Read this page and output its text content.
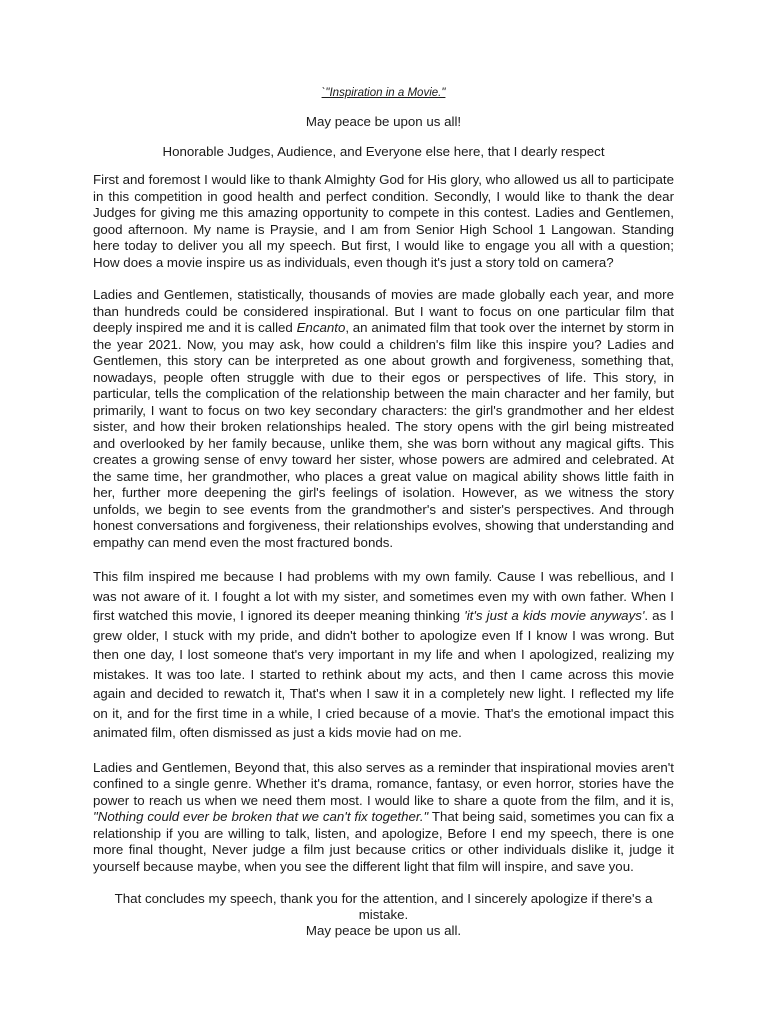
`"Inspiration in a Movie."

May peace be upon us all!

Honorable Judges, Audience, and Everyone else here, that I dearly respect

First and foremost I would like to thank Almighty God for His glory, who allowed us all to participate in this competition in good health and perfect condition. Secondly, I would like to thank the dear Judges for giving me this amazing opportunity to compete in this contest. Ladies and Gentlemen, good afternoon. My name is Praysie, and I am from Senior High School 1 Langowan. Standing here today to deliver you all my speech. But first, I would like to engage you all with a question; How does a movie inspire us as individuals, even though it's just a story told on camera?

Ladies and Gentlemen, statistically, thousands of movies are made globally each year, and more than hundreds could be considered inspirational. But I want to focus on one particular film that deeply inspired me and it is called Encanto, an animated film that took over the internet by storm in the year 2021. Now, you may ask, how could a children's film like this inspire you? Ladies and Gentlemen, this story can be interpreted as one about growth and forgiveness, something that, nowadays, people often struggle with due to their egos or perspectives of life. This story, in particular, tells the complication of the relationship between the main character and her family, but primarily, I want to focus on two key secondary characters: the girl's grandmother and her eldest sister, and how their broken relationships healed. The story opens with the girl being mistreated and overlooked by her family because, unlike them, she was born without any magical gifts. This creates a growing sense of envy toward her sister, whose powers are admired and celebrated. At the same time, her grandmother, who places a great value on magical ability shows little faith in her, further more deepening the girl's feelings of isolation. However, as we witness the story unfolds, we begin to see events from the grandmother's and sister's perspectives. And through honest conversations and forgiveness, their relationships evolves, showing that understanding and empathy can mend even the most fractured bonds.

This film inspired me because I had problems with my own family. Cause I was rebellious, and I was not aware of it. I fought a lot with my sister, and sometimes even my with own father. When I first watched this movie, I ignored its deeper meaning thinking 'it's just a kids movie anyways'. as I grew older, I stuck with my pride, and didn't bother to apologize even If I know I was wrong. But then one day, I lost someone that's very important in my life and when I apologized, realizing my mistakes. It was too late. I started to rethink about my acts, and then I came across this movie again and decided to rewatch it, That's when I saw it in a completely new light. I reflected my life on it, and for the first time in a while, I cried because of a movie. That's the emotional impact this animated film, often dismissed as just a kids movie had on me.

Ladies and Gentlemen, Beyond that, this also serves as a reminder that inspirational movies aren't confined to a single genre. Whether it's drama, romance, fantasy, or even horror, stories have the power to reach us when we need them most. I would like to share a quote from the film, and it is, "Nothing could ever be broken that we can't fix together." That being said, sometimes you can fix a relationship if you are willing to talk, listen, and apologize, Before I end my speech, there is one more final thought, Never judge a film just because critics or other individuals dislike it, judge it yourself because maybe, when you see the different light that film will inspire, and save you.

That concludes my speech, thank you for the attention, and I sincerely apologize if there's a mistake.

May peace be upon us all.
